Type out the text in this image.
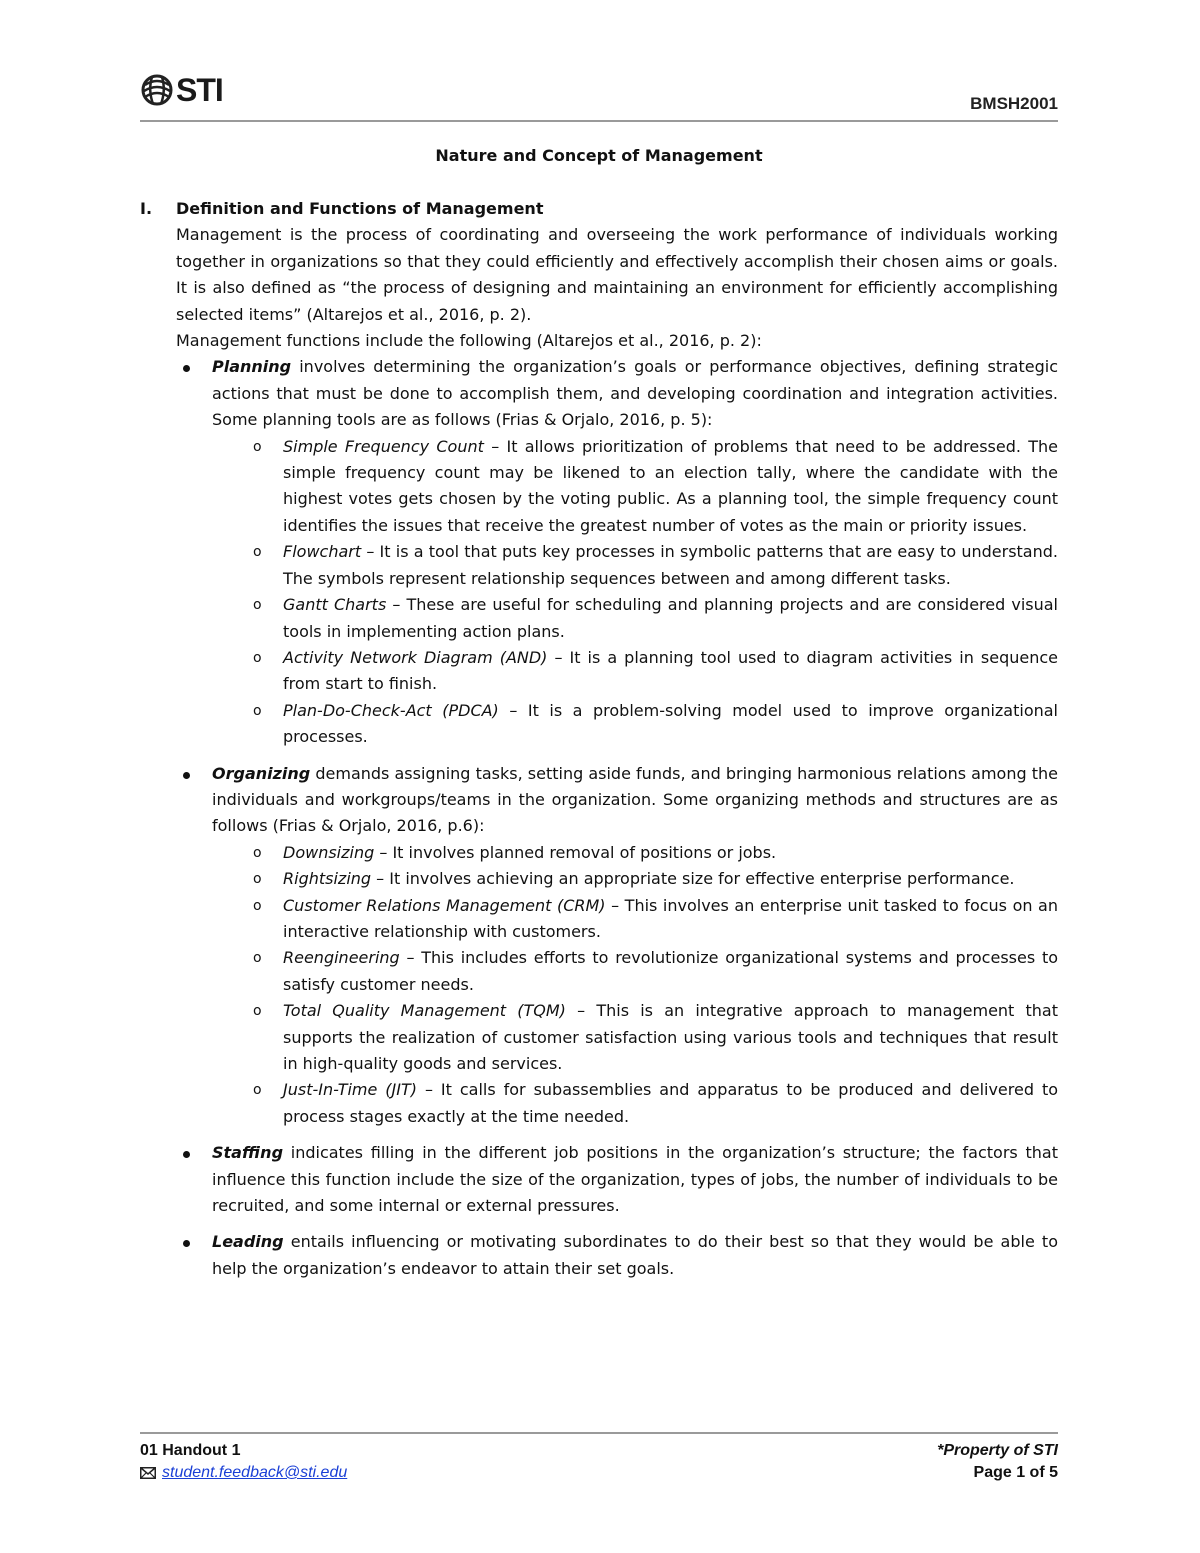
STI	BMSH2001
Nature and Concept of Management
I.	Definition and Functions of Management

Management is the process of coordinating and overseeing the work performance of individuals working together in organizations so that they could efficiently and effectively accomplish their chosen aims or goals. It is also defined as “the process of designing and maintaining an environment for efficiently accomplishing selected items” (Altarejos et al., 2016, p. 2).

Management functions include the following (Altarejos et al., 2016, p. 2):

Planning involves determining the organization’s goals or performance objectives, defining strategic actions that must be done to accomplish them, and developing coordination and integration activities. Some planning tools are as follows (Frias & Orjalo, 2016, p. 5):
o Simple Frequency Count – It allows prioritization of problems that need to be addressed. The simple frequency count may be likened to an election tally, where the candidate with the highest votes gets chosen by the voting public. As a planning tool, the simple frequency count identifies the issues that receive the greatest number of votes as the main or priority issues.
o Flowchart – It is a tool that puts key processes in symbolic patterns that are easy to understand. The symbols represent relationship sequences between and among different tasks.
o Gantt Charts – These are useful for scheduling and planning projects and are considered visual tools in implementing action plans.
o Activity Network Diagram (AND) – It is a planning tool used to diagram activities in sequence from start to finish.
o Plan-Do-Check-Act (PDCA) – It is a problem-solving model used to improve organizational processes.
Organizing demands assigning tasks, setting aside funds, and bringing harmonious relations among the individuals and workgroups/teams in the organization. Some organizing methods and structures are as follows (Frias & Orjalo, 2016, p.6):
o Downsizing – It involves planned removal of positions or jobs.
o Rightsizing – It involves achieving an appropriate size for effective enterprise performance.
o Customer Relations Management (CRM) – This involves an enterprise unit tasked to focus on an interactive relationship with customers.
o Reengineering – This includes efforts to revolutionize organizational systems and processes to satisfy customer needs.
o Total Quality Management (TQM) – This is an integrative approach to management that supports the realization of customer satisfaction using various tools and techniques that result in high-quality goods and services.
o Just-In-Time (JIT) – It calls for subassemblies and apparatus to be produced and delivered to process stages exactly at the time needed.
Staffing indicates filling in the different job positions in the organization’s structure; the factors that influence this function include the size of the organization, types of jobs, the number of individuals to be recruited, and some internal or external pressures.
Leading entails influencing or motivating subordinates to do their best so that they would be able to help the organization’s endeavor to attain their set goals.
01 Handout 1
student.feedback@sti.edu
*Property of STI
Page 1 of 5
